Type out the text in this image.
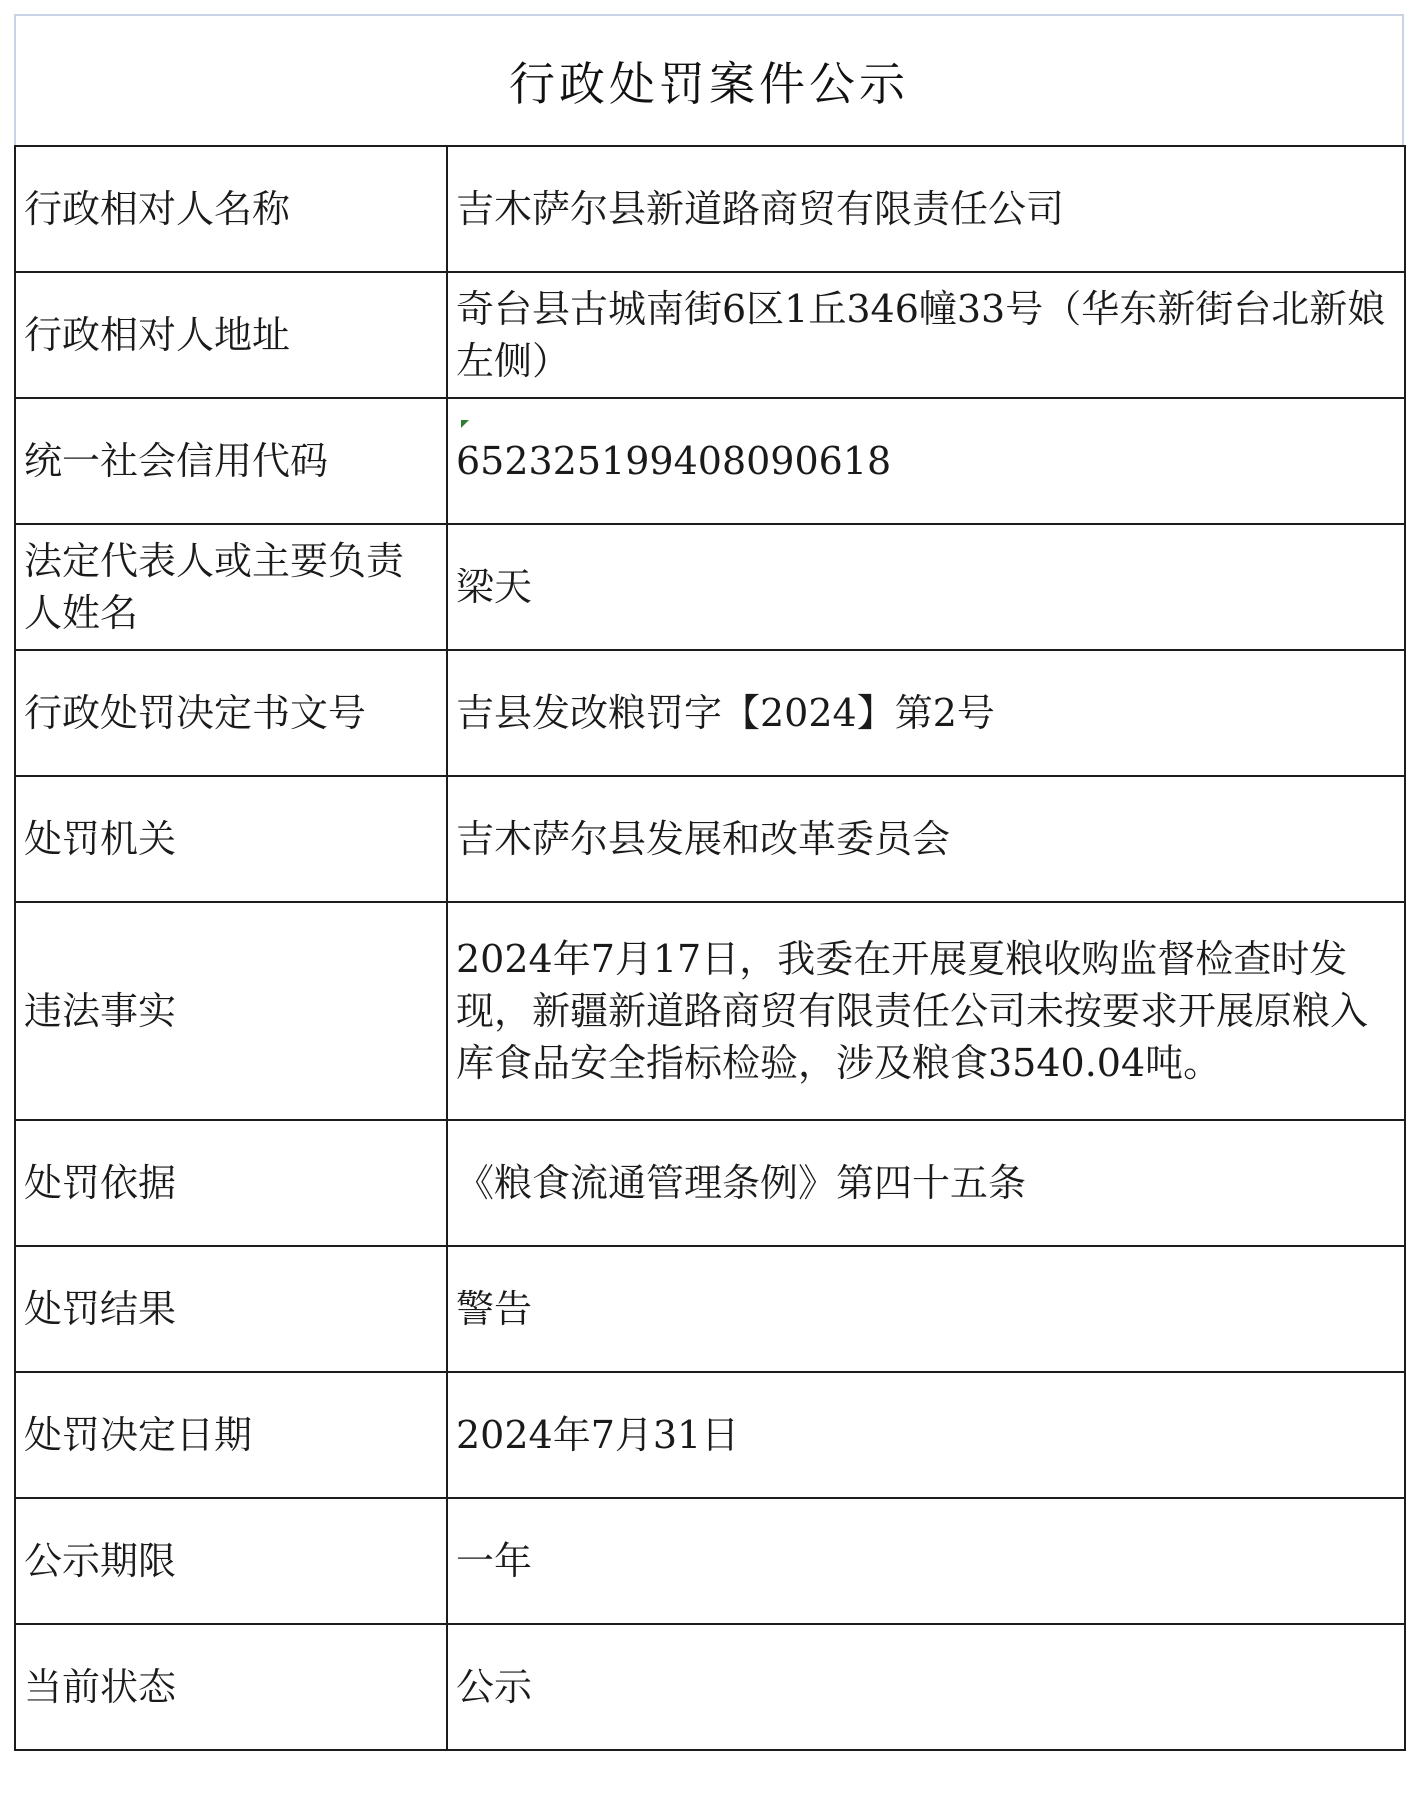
行政处罚案件公示
行政相对人名称	吉木萨尔县新道路商贸有限责任公司
行政相对人地址	奇台县古城南街6区1丘346幢33号（华东新街台北新娘左侧）
统一社会信用代码	652325199408090618
法定代表人或主要负责人姓名	梁天
行政处罚决定书文号	吉县发改粮罚字【2024】第2号
处罚机关	吉木萨尔县发展和改革委员会
违法事实	2024年7月17日，我委在开展夏粮收购监督检查时发现，新疆新道路商贸有限责任公司未按要求开展原粮入库食品安全指标检验，涉及粮食3540.04吨。
处罚依据	《粮食流通管理条例》第四十五条
处罚结果	警告
处罚决定日期	2024年7月31日
公示期限	一年
当前状态	公示
